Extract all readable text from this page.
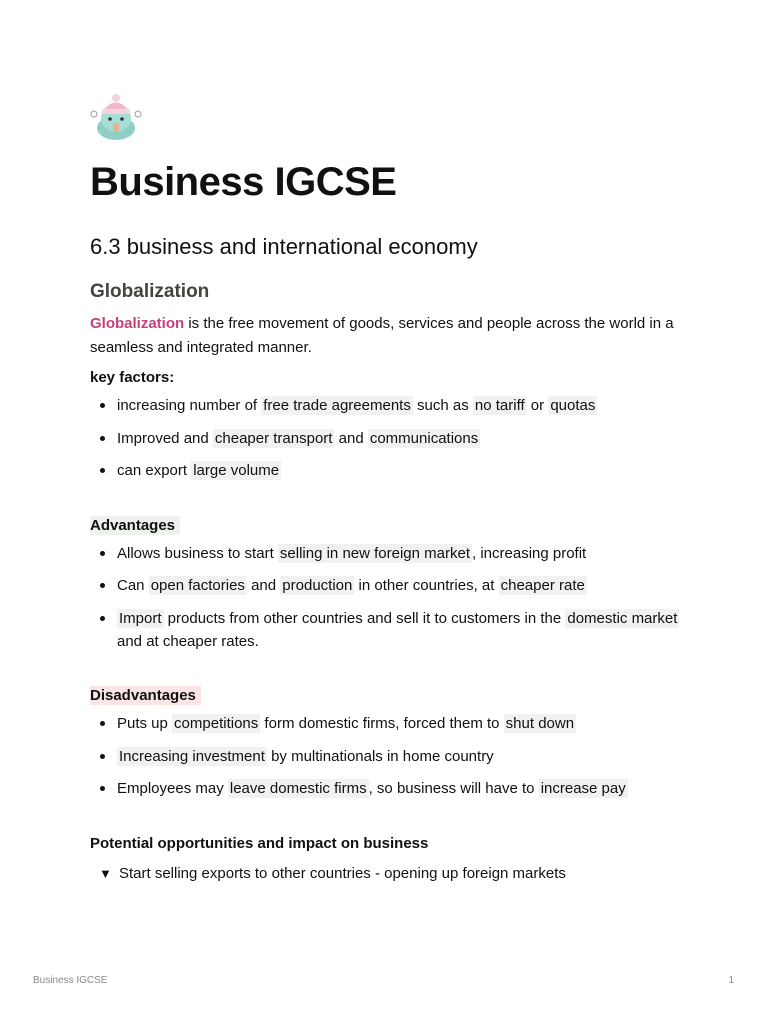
Business IGCSE
6.3 business and international economy
Globalization

Globalization is the free movement of goods, services and people across the world in a seamless and integrated manner.

key factors:

increasing number of free trade agreements such as no tariff or quotas
Improved and cheaper transport and communications
can export large volume

Advantages

Allows business to start selling in new foreign market , increasing profit
Can open factories and production in other countries, at cheaper rate
Import products from other countries and sell it to customers in the domestic market and at cheaper rates.

Disadvantages

Puts up competitions form domestic firms, forced them to shut down
Increasing investment by multinationals in home country
Employees may leave domestic firms , so business will have to increase pay

Potential opportunities and impact on business

▼ Start selling exports to other countries - opening up foreign markets
Business IGCSE	1
